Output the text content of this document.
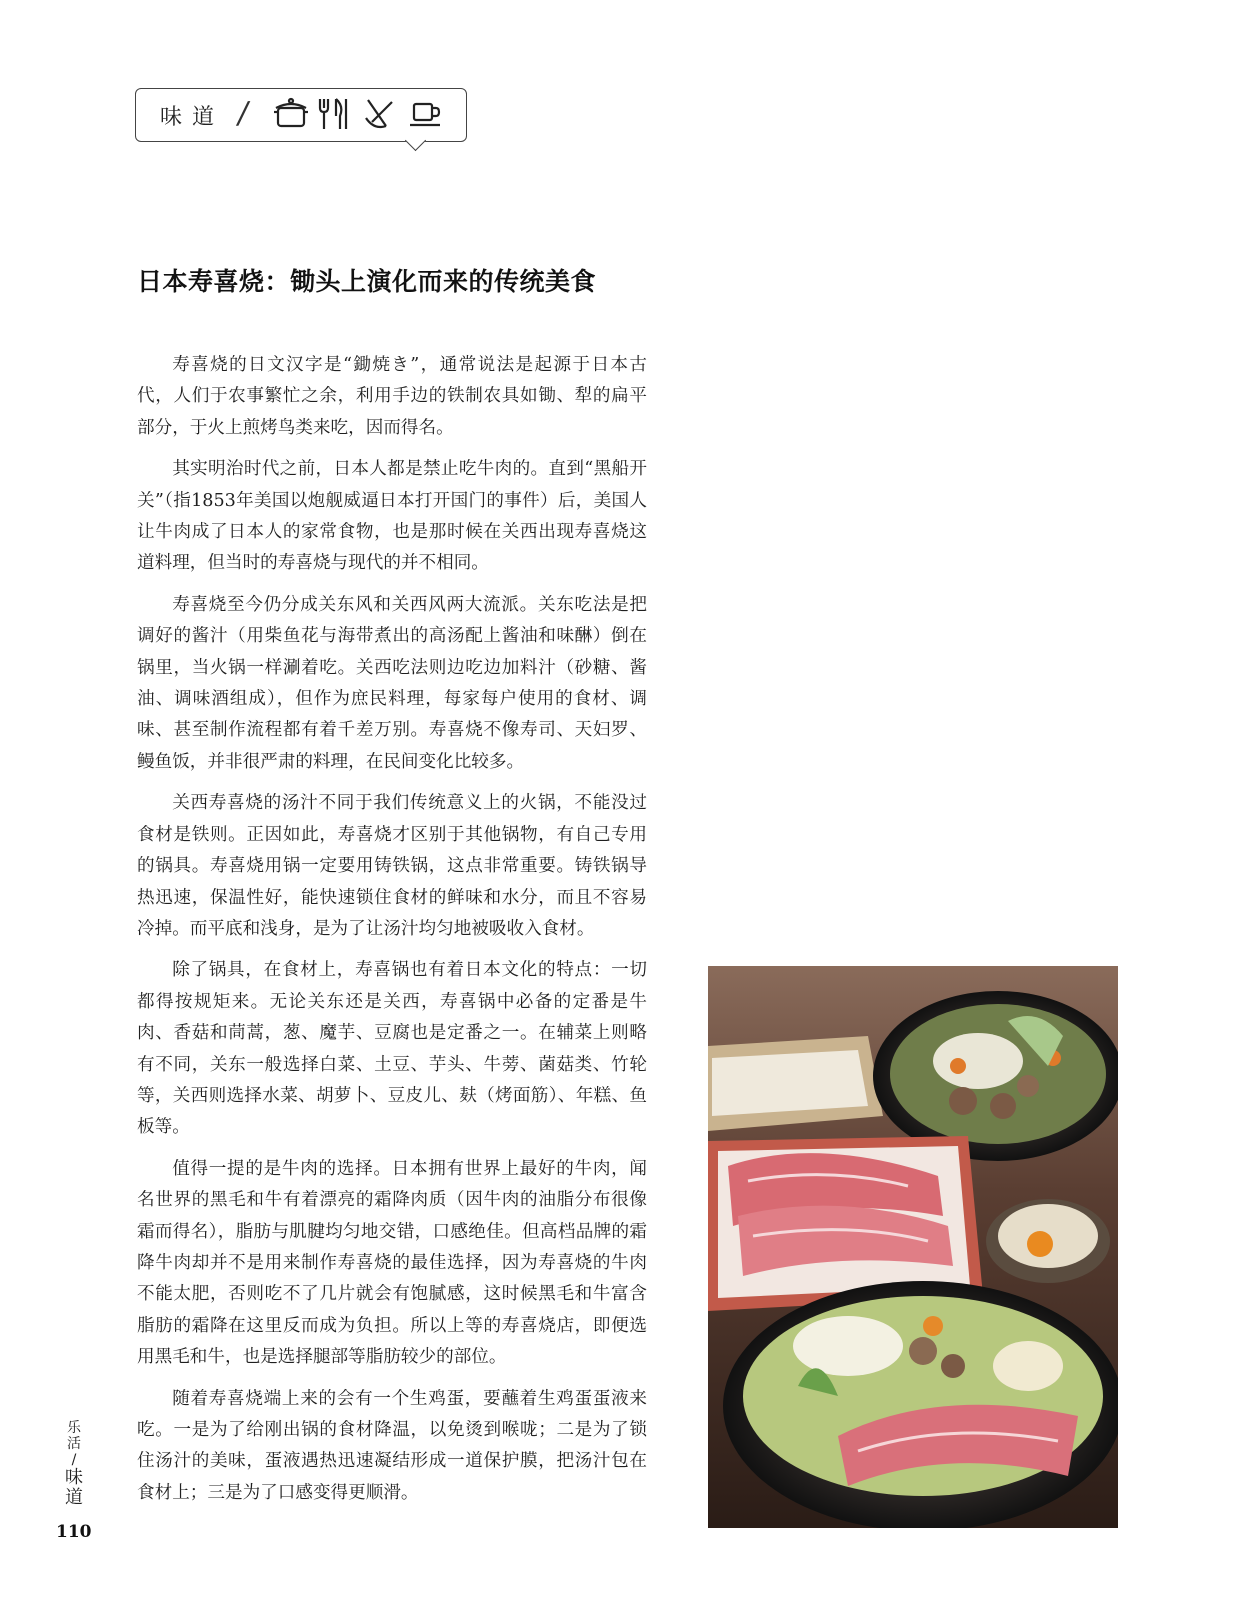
味道 /
日本寿喜烧：锄头上演化而来的传统美食

寿喜烧的日文汉字是“鋤焼き”，通常说法是起源于日本古代，人们于农事繁忙之余，利用手边的铁制农具如锄、犁的扁平部分，于火上煎烤鸟类来吃，因而得名。

其实明治时代之前，日本人都是禁止吃牛肉的。直到“黑船开关”（指1853年美国以炮舰威逼日本打开国门的事件）后，美国人让牛肉成了日本人的家常食物，也是那时候在关西出现寿喜烧这道料理，但当时的寿喜烧与现代的并不相同。

寿喜烧至今仍分成关东风和关西风两大流派。关东吃法是把调好的酱汁（用柴鱼花与海带煮出的高汤配上酱油和味醂）倒在锅里，当火锅一样涮着吃。关西吃法则边吃边加料汁（砂糖、酱油、调味酒组成），但作为庶民料理，每家每户使用的食材、调味、甚至制作流程都有着千差万别。寿喜烧不像寿司、天妇罗、鳗鱼饭，并非很严肃的料理，在民间变化比较多。

关西寿喜烧的汤汁不同于我们传统意义上的火锅，不能没过食材是铁则。正因如此，寿喜烧才区别于其他锅物，有自己专用的锅具。寿喜烧用锅一定要用铸铁锅，这点非常重要。铸铁锅导热迅速，保温性好，能快速锁住食材的鲜味和水分，而且不容易冷掉。而平底和浅身，是为了让汤汁均匀地被吸收入食材。

除了锅具，在食材上，寿喜锅也有着日本文化的特点：一切都得按规矩来。无论关东还是关西，寿喜锅中必备的定番是牛肉、香菇和茼蒿，葱、魔芋、豆腐也是定番之一。在辅菜上则略有不同，关东一般选择白菜、土豆、芋头、牛蒡、菌菇类、竹轮等，关西则选择水菜、胡萝卜、豆皮儿、麸（烤面筋）、年糕、鱼板等。

值得一提的是牛肉的选择。日本拥有世界上最好的牛肉，闻名世界的黑毛和牛有着漂亮的霜降肉质（因牛肉的油脂分布很像霜而得名），脂肪与肌腱均匀地交错，口感绝佳。但高档品牌的霜降牛肉却并不是用来制作寿喜烧的最佳选择，因为寿喜烧的牛肉不能太肥，否则吃不了几片就会有饱腻感，这时候黑毛和牛富含脂肪的霜降在这里反而成为负担。所以上等的寿喜烧店，即便选用黑毛和牛，也是选择腿部等脂肪较少的部位。

随着寿喜烧端上来的会有一个生鸡蛋，要蘸着生鸡蛋蛋液来吃。一是为了给刚出锅的食材降温，以免烫到喉咙；二是为了锁住汤汁的美味，蛋液遇热迅速凝结形成一道保护膜，把汤汁包在食材上；三是为了口感变得更顺滑。

乐
活
/
味
道
110
